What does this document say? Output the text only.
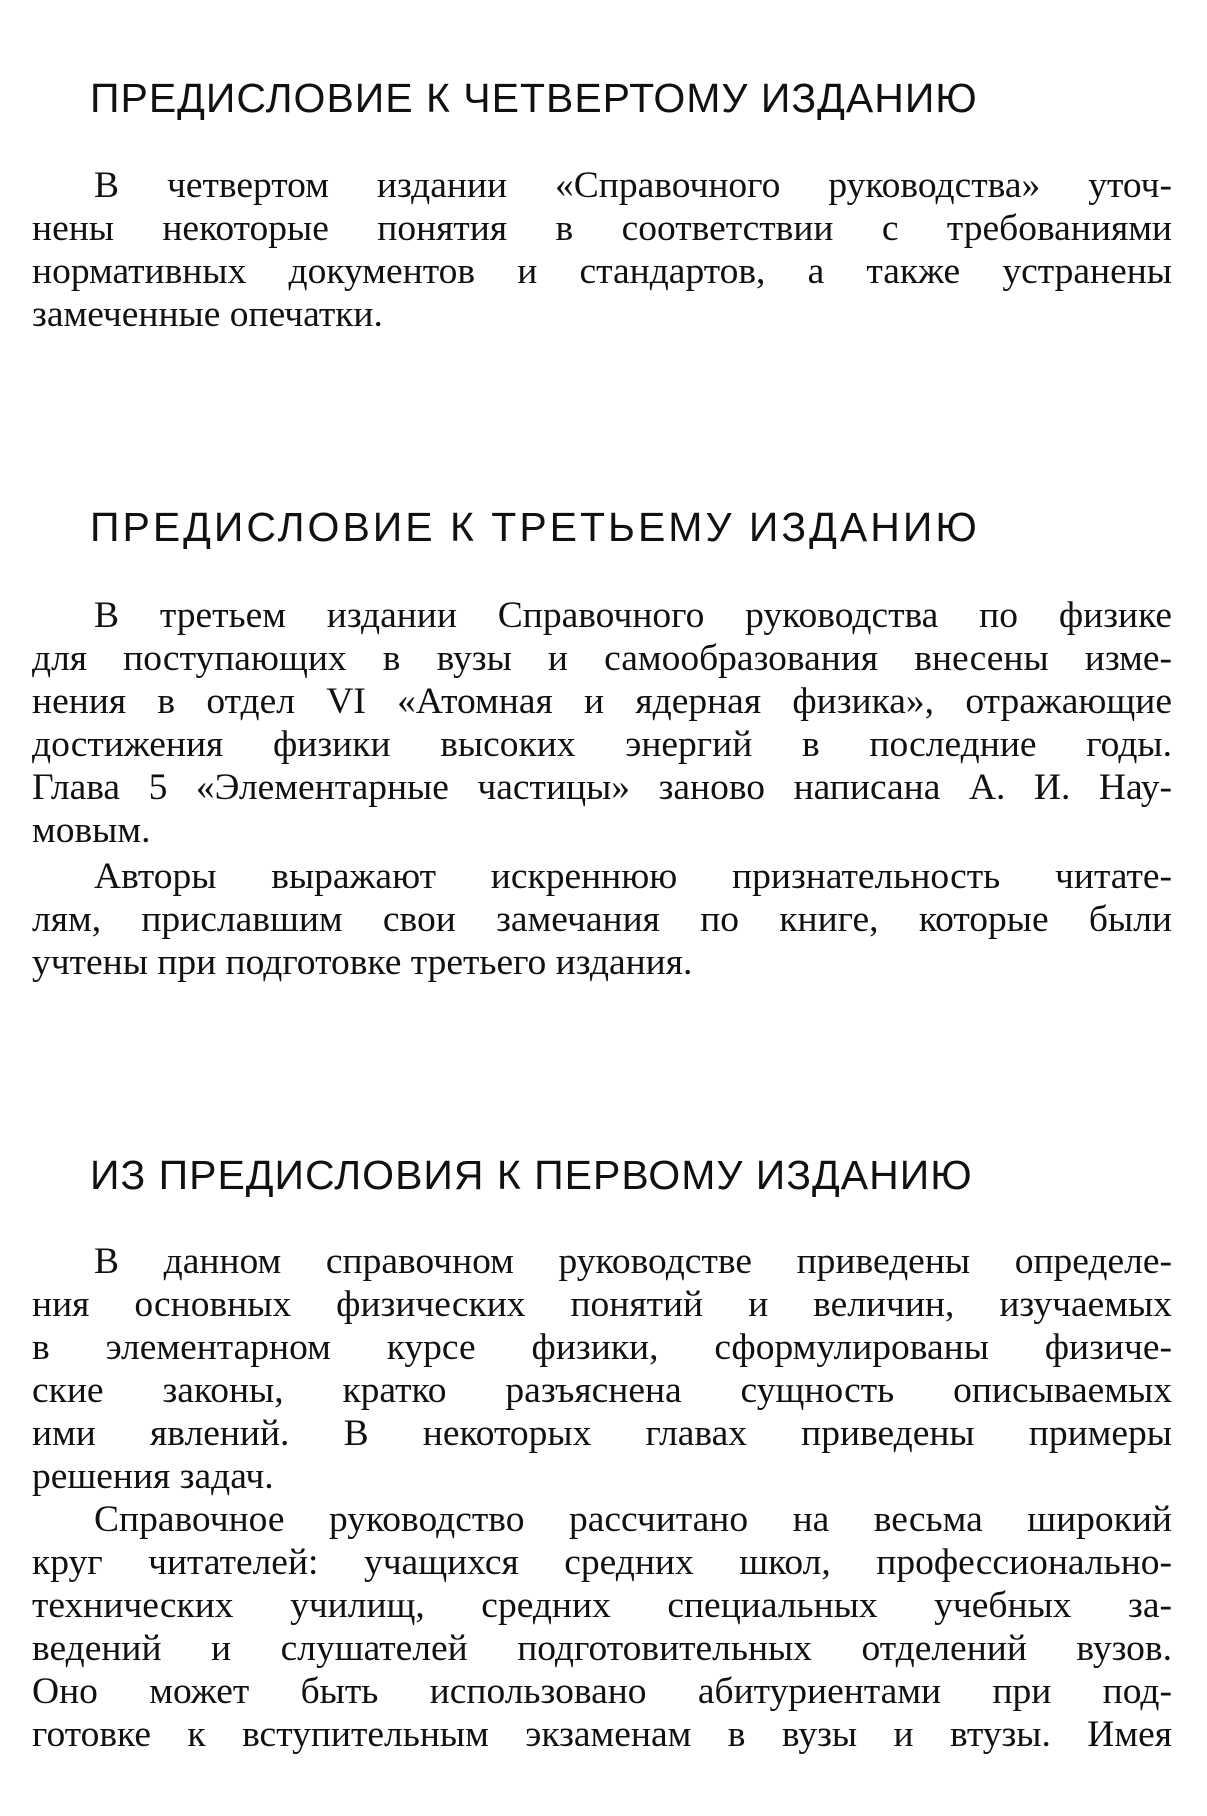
ПРЕДИСЛОВИЕ К ЧЕТВЕРТОМУ ИЗДАНИЮ

В четвертом издании «Справочного руководства» уточ-
нены некоторые понятия в соответствии с требованиями
нормативных документов и стандартов, а также устранены
замеченные опечатки.

ПРЕДИСЛОВИЕ К ТРЕТЬЕМУ ИЗДАНИЮ

В третьем издании Справочного руководства по физике
для поступающих в вузы и самообразования внесены изме-
нения в отдел VI «Атомная и ядерная физика», отражающие
достижения физики высоких энергий в последние годы.
Глава 5 «Элементарные частицы» заново написана А. И. Нау-
мовым.

Авторы выражают искреннюю признательность читате-
лям, приславшим свои замечания по книге, которые были
учтены при подготовке третьего издания.

ИЗ ПРЕДИСЛОВИЯ К ПЕРВОМУ ИЗДАНИЮ

В данном справочном руководстве приведены определе-
ния основных физических понятий и величин, изучаемых
в элементарном курсе физики, сформулированы физиче-
ские законы, кратко разъяснена сущность описываемых
ими явлений. В некоторых главах приведены примеры
решения задач.

Справочное руководство рассчитано на весьма широкий
круг читателей: учащихся средних школ, профессионально-
технических училищ, средних специальных учебных за-
ведений и слушателей подготовительных отделений вузов.
Оно может быть использовано абитуриентами при под-
готовке к вступительным экзаменам в вузы и втузы. Имея
